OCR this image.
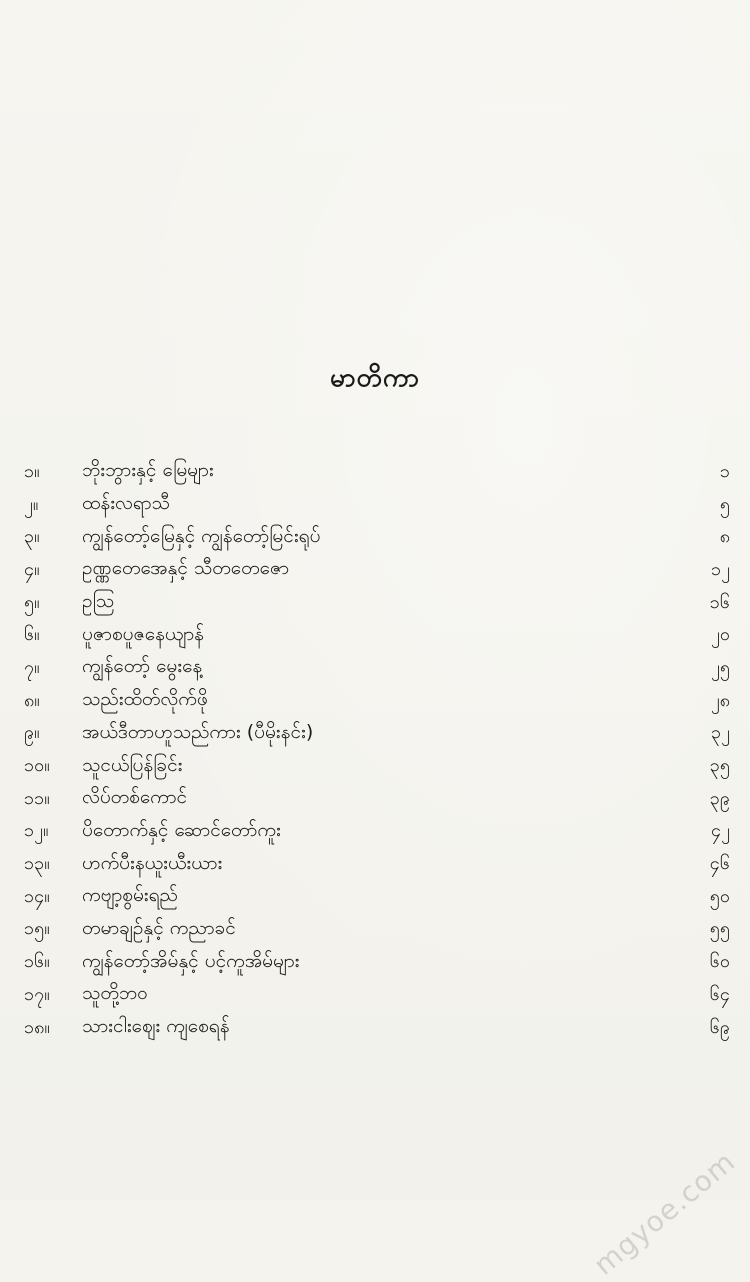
မာတိကာ
၁။	ဘိုးဘွားနှင့် မြေများ	၁
၂။	ထန်းလရာသီ	၅
၃။	ကျွန်တော့်မြေနှင့် ကျွန်တော့်မြင်းရုပ်	၈
၄။	ဥဏ္ဏတေအေနှင့် သီတတေဇော	၁၂
၅။	ဥသြ	၁၆
၆။	ပူဇာစပူဇနေယျာန်	၂၀
၇။	ကျွန်တော့် မွေးနေ့	၂၅
၈။	သည်းထိတ်လိုက်ဖို	၂၈
၉။	အယ်ဒီတာဟူသည်ကား (ပီမိုးနင်း)	၃၂
၁၀။	သူငယ်ပြန်ခြင်း	၃၅
၁၁။	လိပ်တစ်ကောင်	၃၉
၁၂။	ပိတောက်နှင့် ဆောင်တော်ကူး	၄၂
၁၃။	ဟက်ပီးနယူးယီးယား	၄၆
၁၄။	ကဗျာ့စွမ်းရည်	၅၀
၁၅။	တမာချဉ်နှင့် ကညာခင်	၅၅
၁၆။	ကျွန်တော့်အိမ်နှင့် ပင့်ကူအိမ်များ	၆၀
၁၇။	သူတို့ဘဝ	၆၄
၁၈။	သားငါးဈေး ကျစေရန်	၆၉
mgyoe.com
